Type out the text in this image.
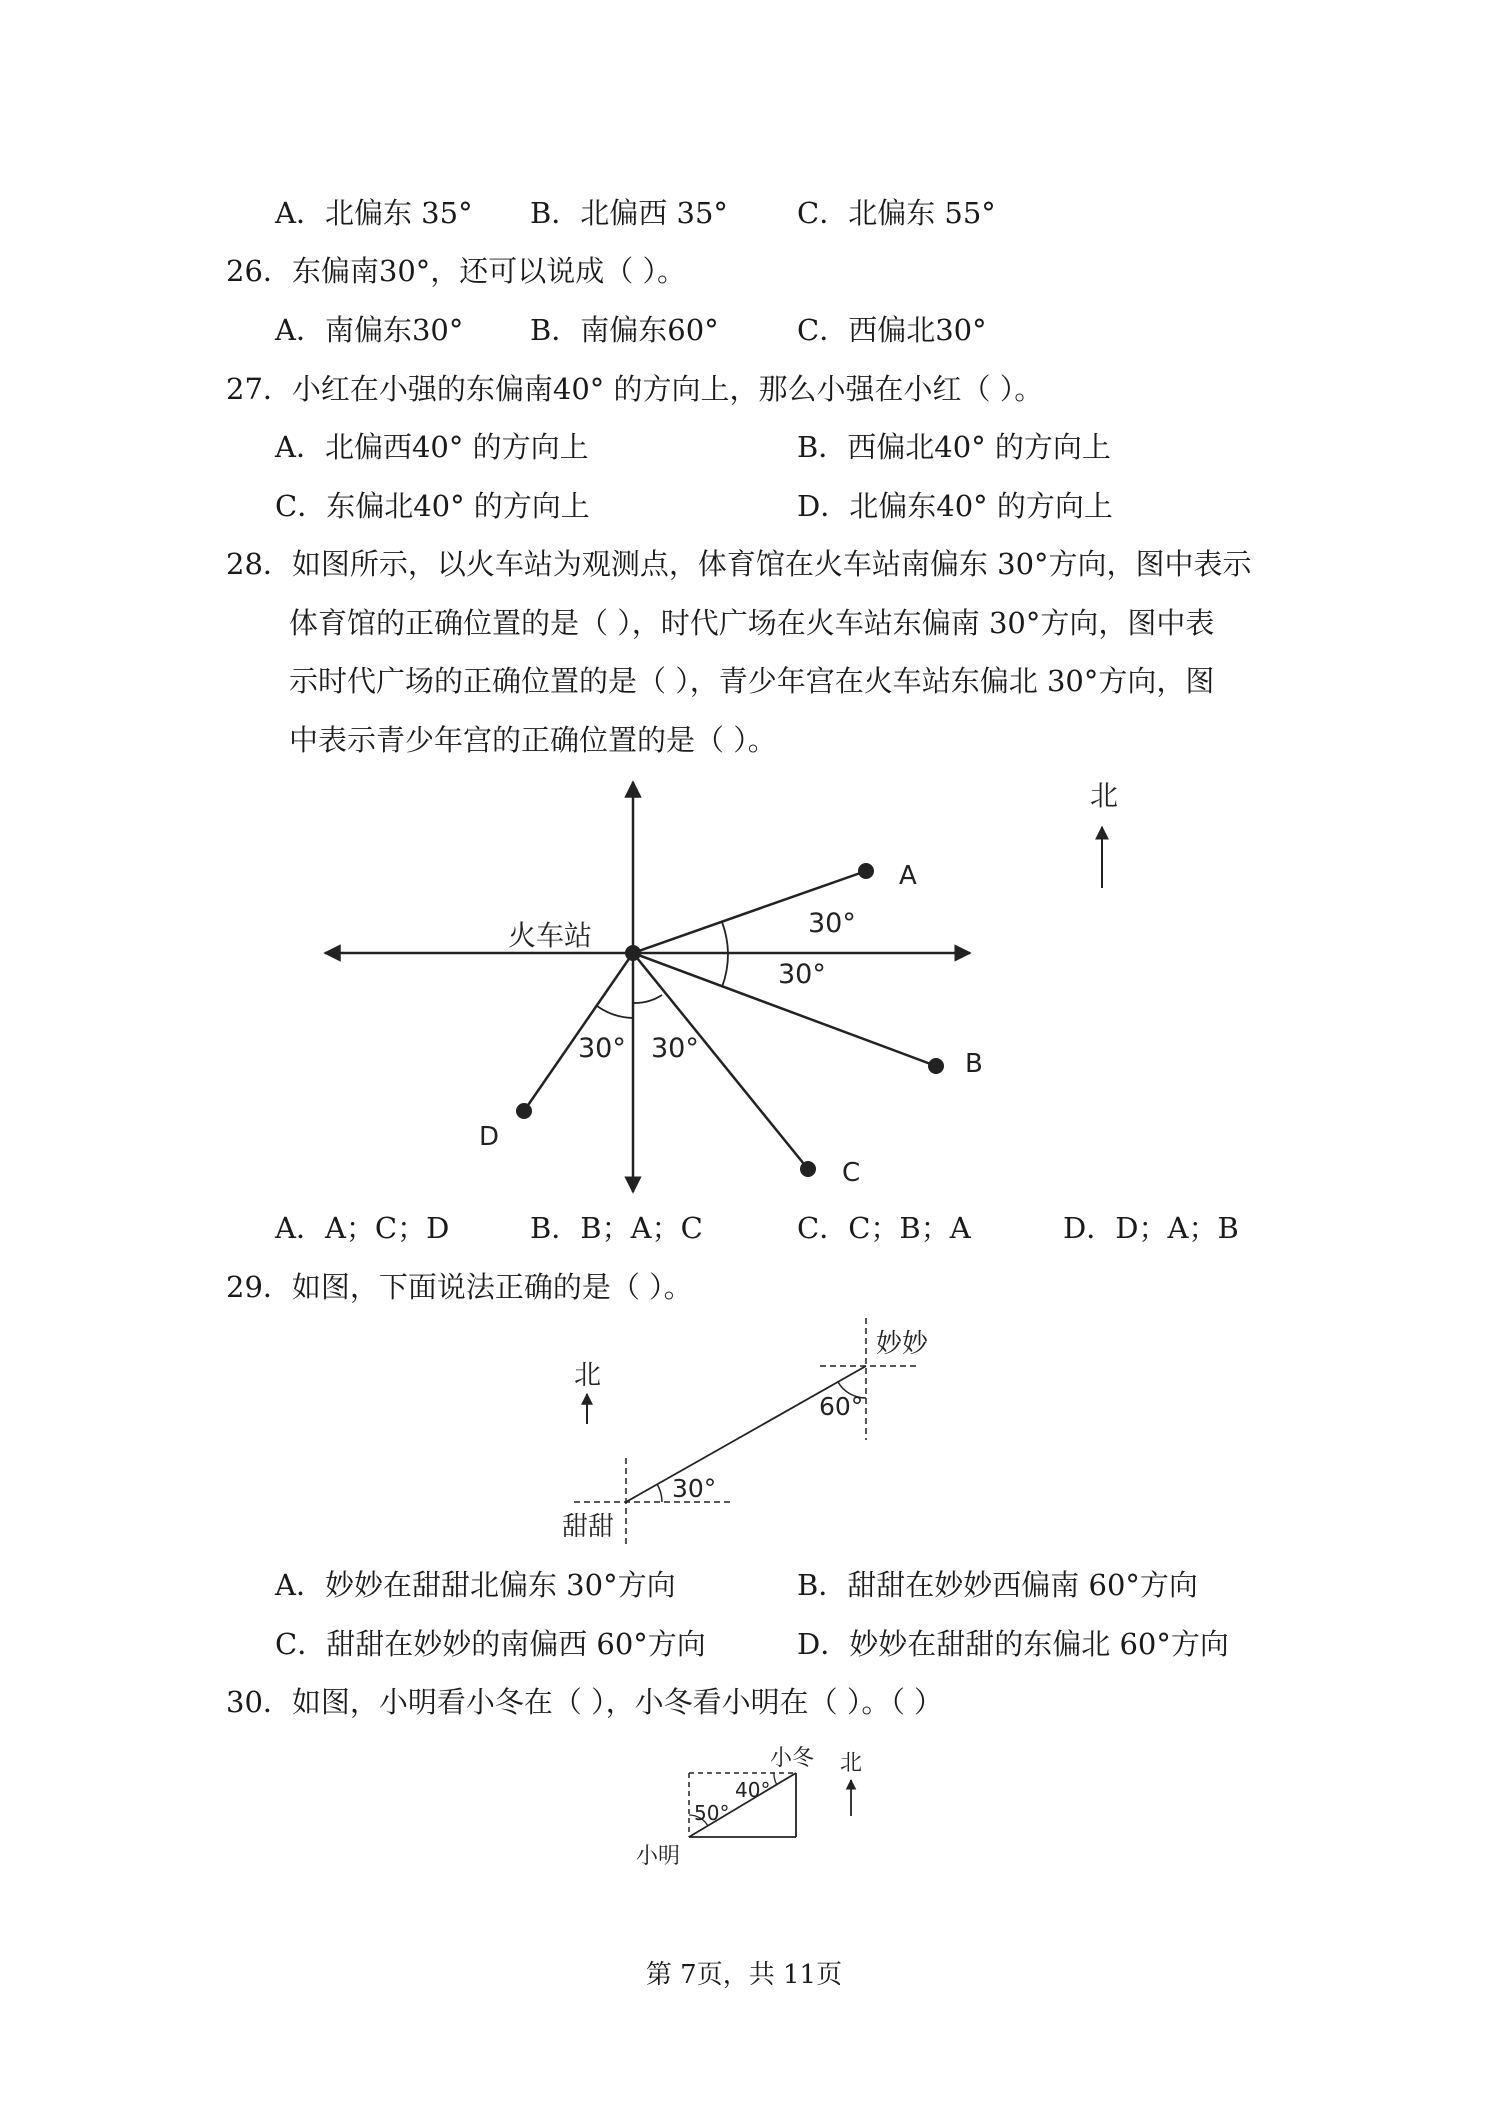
A．北偏东 35° B．北偏西 35° C．北偏东 55°
26．东偏南30°，还可以说成（ ）。
A．南偏东30° B．南偏东60°	C．西偏北30°
27．小红在小强的东偏南40° 的方向上，那么小强在小红（ ）。
A．北偏西40° 的方向上	B．西偏北40° 的方向上
C．东偏北40° 的方向上	D．北偏东40° 的方向上
28．如图所示，以火车站为观测点，体育馆在火车站南偏东 30°方向，图中表示
体育馆的正确位置的是（ ），时代广场在火车站东偏南 30°方向，图中表
示时代广场的正确位置的是（ ），青少年宫在火车站东偏北 30°方向，图
中表示青少年宫的正确位置的是（ ）。
火车站
北
A
B
C
D
30°
30°
30° 30°
A．A；C；D	B．B；A；C	C．C；B；A	D．D；A；B
29．如图，下面说法正确的是（ ）。
北
妙妙
甜甜
60°
30°
A．妙妙在甜甜北偏东 30°方向	B．甜甜在妙妙西偏南 60°方向
C．甜甜在妙妙的南偏西 60°方向	D．妙妙在甜甜的东偏北 60°方向
30．如图，小明看小冬在（ ），小冬看小明在（ ）。（ ）
北
小冬
小明
40°
50°
第 7页，共 11页
